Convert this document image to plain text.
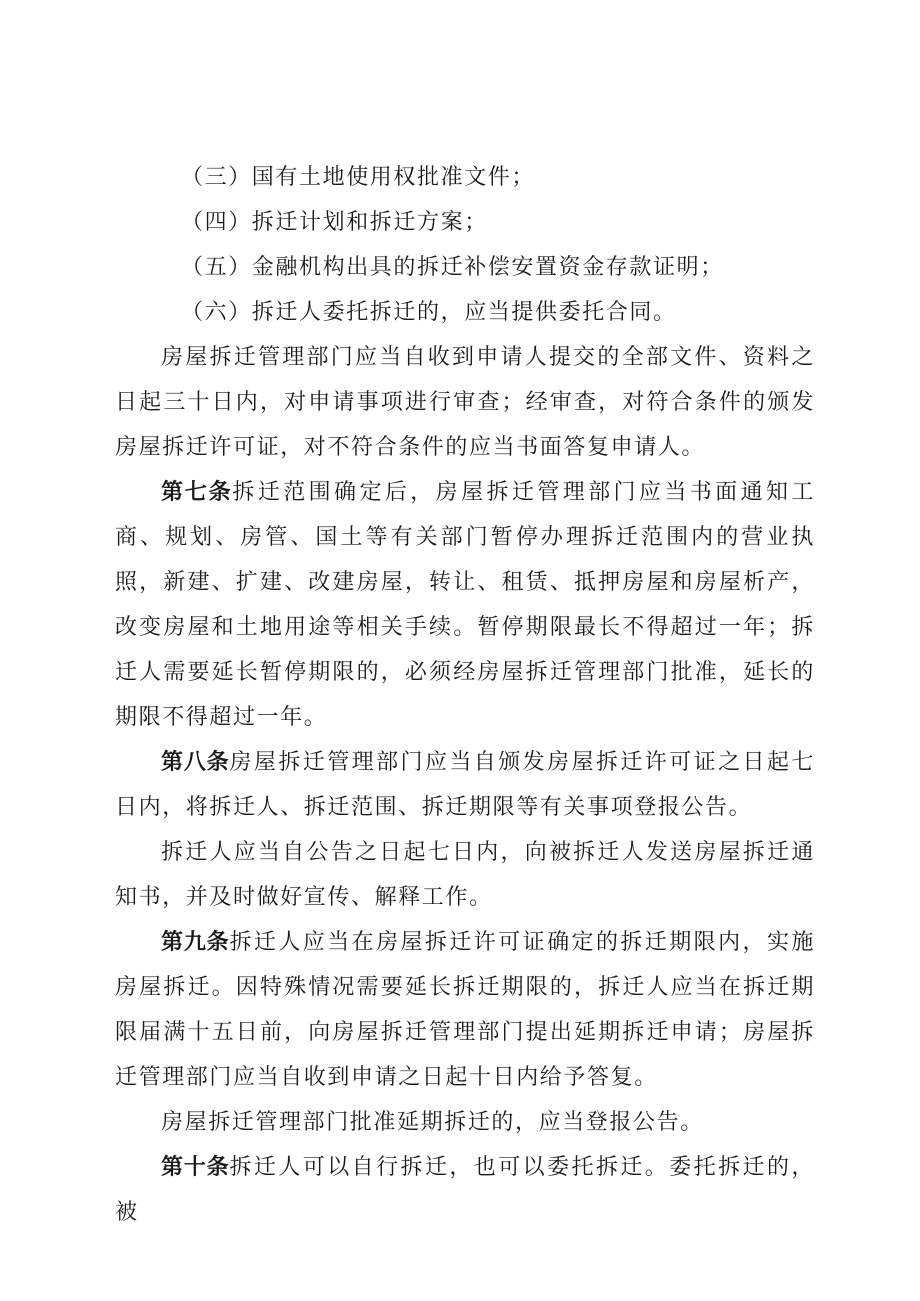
（三）国有土地使用权批准文件；

（四）拆迁计划和拆迁方案；

（五）金融机构出具的拆迁补偿安置资金存款证明；

（六）拆迁人委托拆迁的，应当提供委托合同。

房屋拆迁管理部门应当自收到申请人提交的全部文件、资料之日起三十日内，对申请事项进行审查；经审查，对符合条件的颁发房屋拆迁许可证，对不符合条件的应当书面答复申请人。

第七条拆迁范围确定后，房屋拆迁管理部门应当书面通知工商、规划、房管、国土等有关部门暂停办理拆迁范围内的营业执照，新建、扩建、改建房屋，转让、租赁、抵押房屋和房屋析产，改变房屋和土地用途等相关手续。暂停期限最长不得超过一年；拆迁人需要延长暂停期限的，必须经房屋拆迁管理部门批准，延长的期限不得超过一年。

第八条房屋拆迁管理部门应当自颁发房屋拆迁许可证之日起七日内，将拆迁人、拆迁范围、拆迁期限等有关事项登报公告。

拆迁人应当自公告之日起七日内，向被拆迁人发送房屋拆迁通知书，并及时做好宣传、解释工作。

第九条拆迁人应当在房屋拆迁许可证确定的拆迁期限内，实施房屋拆迁。因特殊情况需要延长拆迁期限的，拆迁人应当在拆迁期限届满十五日前，向房屋拆迁管理部门提出延期拆迁申请；房屋拆迁管理部门应当自收到申请之日起十日内给予答复。

房屋拆迁管理部门批准延期拆迁的，应当登报公告。

第十条拆迁人可以自行拆迁，也可以委托拆迁。委托拆迁的，被
